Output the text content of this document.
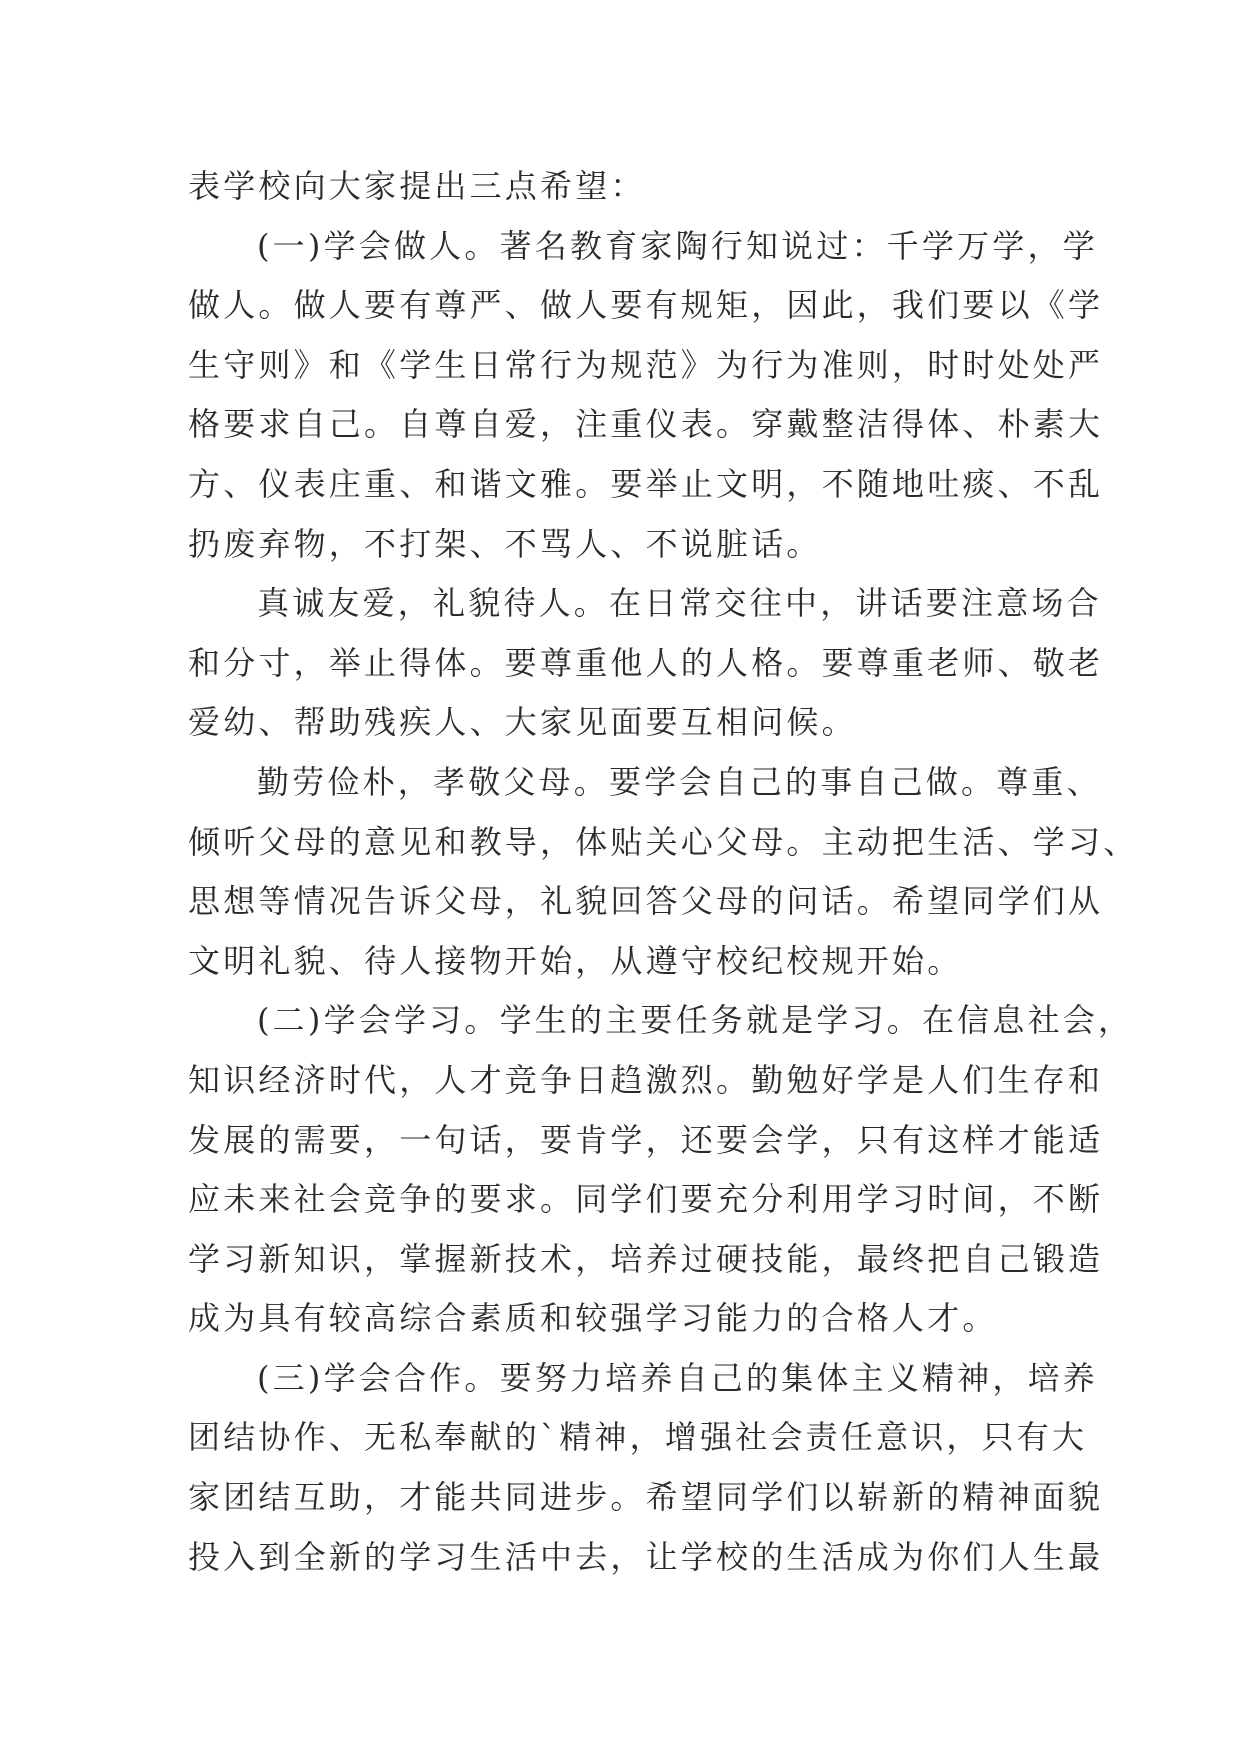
表学校向大家提出三点希望：
(一)学会做人。著名教育家陶行知说过：千学万学，学
做人。做人要有尊严、做人要有规矩，因此，我们要以《学
生守则》和《学生日常行为规范》为行为准则，时时处处严
格要求自己。自尊自爱，注重仪表。穿戴整洁得体、朴素大
方、仪表庄重、和谐文雅。要举止文明，不随地吐痰、不乱
扔废弃物，不打架、不骂人、不说脏话。
真诚友爱，礼貌待人。在日常交往中，讲话要注意场合
和分寸，举止得体。要尊重他人的人格。要尊重老师、敬老
爱幼、帮助残疾人、大家见面要互相问候。
勤劳俭朴，孝敬父母。要学会自己的事自己做。尊重、
倾听父母的意见和教导，体贴关心父母。主动把生活、学习、
思想等情况告诉父母，礼貌回答父母的问话。希望同学们从
文明礼貌、待人接物开始，从遵守校纪校规开始。
(二)学会学习。学生的主要任务就是学习。在信息社会，
知识经济时代，人才竞争日趋激烈。勤勉好学是人们生存和
发展的需要，一句话，要肯学，还要会学，只有这样才能适
应未来社会竞争的要求。同学们要充分利用学习时间，不断
学习新知识，掌握新技术，培养过硬技能，最终把自己锻造
成为具有较高综合素质和较强学习能力的合格人才。
(三)学会合作。要努力培养自己的集体主义精神，培养
团结协作、无私奉献的`精神，增强社会责任意识，只有大
家团结互助，才能共同进步。希望同学们以崭新的精神面貌
投入到全新的学习生活中去，让学校的生活成为你们人生最
